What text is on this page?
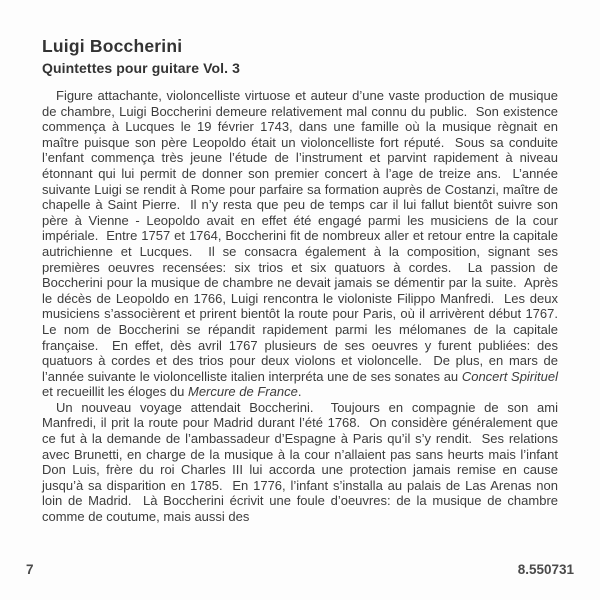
Luigi Boccherini
Quintettes pour guitare Vol. 3

Figure attachante, violoncelliste virtuose et auteur d’une vaste production de musique de chambre, Luigi Boccherini demeure relativement mal connu du public.  Son existence commença à Lucques le 19 février 1743, dans une famille où la musique règnait en maître puisque son père Leopoldo était un violoncelliste fort réputé.  Sous sa conduite l’enfant commença très jeune l’étude de l’instrument et parvint rapidement à niveau étonnant qui lui permit de donner son premier concert à l’age de treize ans.  L’année suivante Luigi se rendit à Rome pour parfaire sa formation auprès de Costanzi, maître de chapelle à Saint Pierre.  Il n’y resta que peu de temps car il lui fallut bientôt suivre son père à Vienne - Leopoldo avait en effet été engagé parmi les musiciens de la cour impériale.  Entre 1757 et 1764, Boccherini fit de nombreux aller et retour entre la capitale autrichienne et Lucques.  Il se consacra également à la composition, signant ses premières oeuvres recensées: six trios et six quatuors à cordes.  La passion de Boccherini pour la musique de chambre ne devait jamais se démentir par la suite.  Après le décès de Leopoldo en 1766, Luigi rencontra le violoniste Filippo Manfredi.  Les deux musiciens s’associèrent et prirent bientôt la route pour Paris, où il arrivèrent début 1767.  Le nom de Boccherini se répandit rapidement parmi les mélomanes de la capitale française.  En effet, dès avril 1767 plusieurs de ses oeuvres y furent publiées: des quatuors à cordes et des trios pour deux violons et violoncelle.  De plus, en mars de l’année suivante le violoncelliste italien interpréta une de ses sonates au Concert Spirituel et recueillit les éloges du Mercure de France.

Un nouveau voyage attendait Boccherini.  Toujours en compagnie de son ami Manfredi, il prit la route pour Madrid durant l’été 1768.  On considère généralement que ce fut à la demande de l’ambassadeur d’Espagne à Paris qu’il s’y rendit.  Ses relations avec Brunetti, en charge de la musique à la cour n’allaient pas sans heurts mais l’infant Don Luis, frère du roi Charles III lui accorda une protection jamais remise en cause jusqu’à sa disparition en 1785.  En 1776, l’infant s’installa au palais de Las Arenas non loin de Madrid.  Là Boccherini écrivit une foule d’oeuvres: de la musique de chambre comme de coutume, mais aussi des

7	8.550731
